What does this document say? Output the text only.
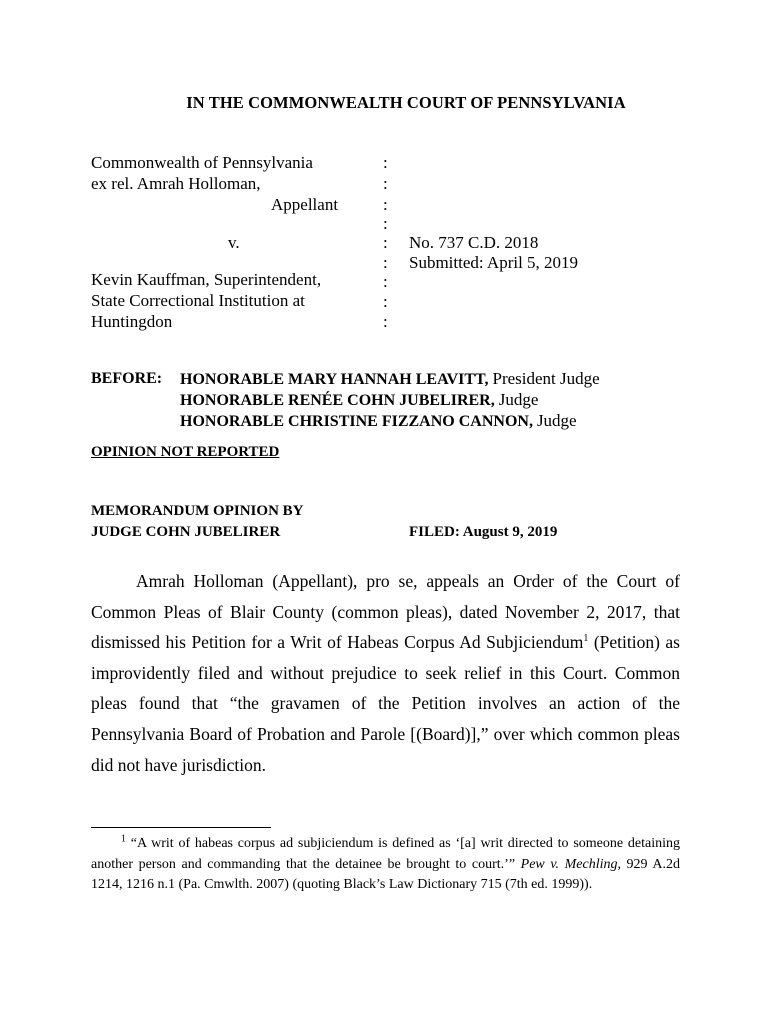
IN THE COMMONWEALTH COURT OF PENNSYLVANIA
Commonwealth of Pennsylvania
ex rel. Amrah Holloman,
Appellant
v.
Kevin Kauffman, Superintendent,
State Correctional Institution at
Huntingdon
:
:
:
:
:
:
:
:
:
No. 737 C.D. 2018
Submitted: April 5, 2019
BEFORE: HONORABLE MARY HANNAH LEAVITT, President Judge
HONORABLE RENÉE COHN JUBELIRER, Judge
HONORABLE CHRISTINE FIZZANO CANNON, Judge
OPINION NOT REPORTED
MEMORANDUM OPINION BY
JUDGE COHN JUBELIRER	FILED: August 9, 2019

Amrah Holloman (Appellant), pro se, appeals an Order of the Court of Common Pleas of Blair County (common pleas), dated November 2, 2017, that dismissed his Petition for a Writ of Habeas Corpus Ad Subjiciendum$^1$ (Petition) as improvidently filed and without prejudice to seek relief in this Court. Common pleas found that “the gravamen of the Petition involves an action of the Pennsylvania Board of Probation and Parole [(Board)],” over which common pleas did not have jurisdiction.

$^1$ “A writ of habeas corpus ad subjiciendum is defined as ‘[a] writ directed to someone detaining another person and commanding that the detainee be brought to court.’” Pew v. Mechling, 929 A.2d 1214, 1216 n.1 (Pa. Cmwlth. 2007) (quoting Black’s Law Dictionary 715 (7th ed. 1999)).
